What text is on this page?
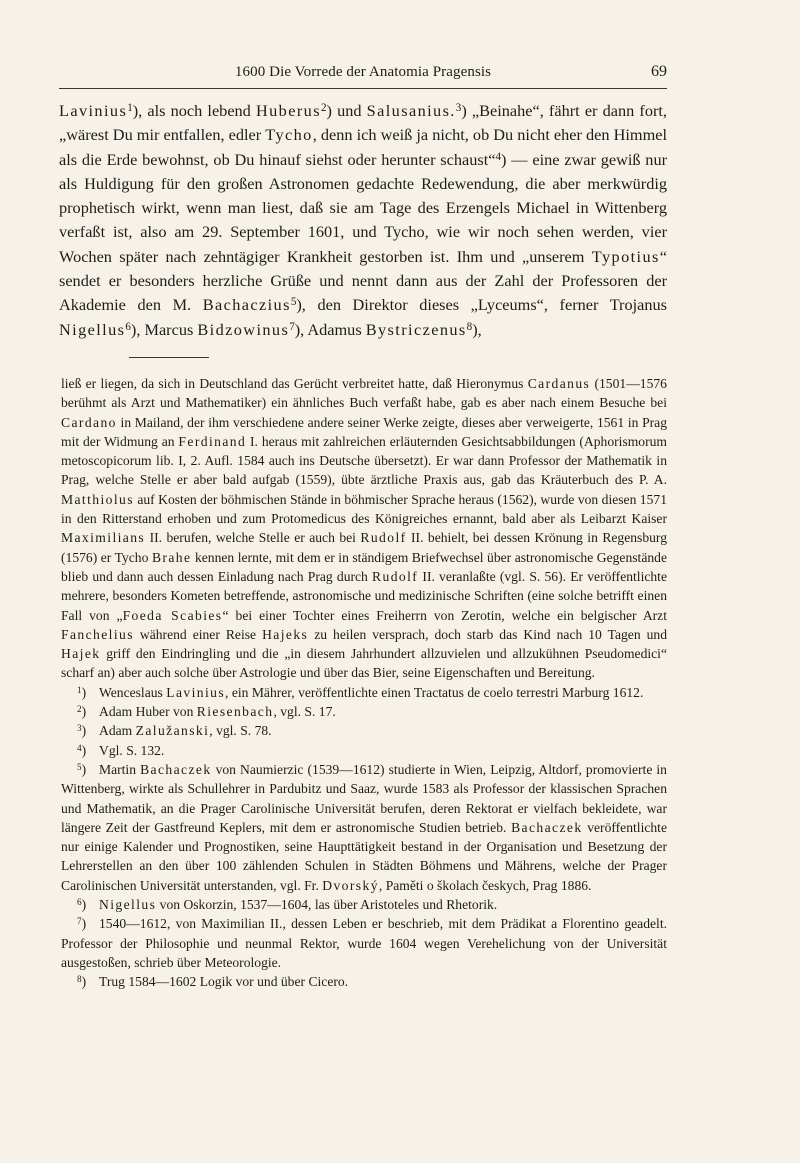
1600 Die Vorrede der Anatomia Pragensis	69

Lavinius$^1$), als noch lebend Huberus$^2$) und Salusanius.$^3$) „Beinahe“, fährt er dann fort, „wärest Du mir entfallen, edler Tycho, denn ich weiß ja nicht, ob Du nicht eher den Himmel als die Erde bewohnst, ob Du hinauf siehst oder herunter schaust“$^4$) — eine zwar gewiß nur als Huldigung für den großen Astronomen gedachte Redewendung, die aber merkwürdig prophetisch wirkt, wenn man liest, daß sie am Tage des Erzengels Michael in Wittenberg verfaßt ist, also am 29. September 1601, und Tycho, wie wir noch sehen werden, vier Wochen später nach zehntägiger Krankheit gestorben ist. Ihm und „unserem Typotius“ sendet er besonders herzliche Grüße und nennt dann aus der Zahl der Professoren der Akademie den M. Bachaczius$^5$), den Direktor dieses „Lyceums“, ferner Trojanus Nigellus$^6$), Marcus Bidzowinus$^7$), Adamus Bystriczenus$^8$),

ließ er liegen, da sich in Deutschland das Gerücht verbreitet hatte, daß Hieronymus Cardanus (1501—1576 berühmt als Arzt und Mathematiker) ein ähnliches Buch verfaßt habe, gab es aber nach einem Besuche bei Cardano in Mailand, der ihm verschiedene andere seiner Werke zeigte, dieses aber verweigerte, 1561 in Prag mit der Widmung an Ferdinand I. heraus mit zahlreichen erläuternden Gesichtsabbildungen (Aphorismorum metoscopicorum lib. I, 2. Aufl. 1584 auch ins Deutsche übersetzt). Er war dann Professor der Mathematik in Prag, welche Stelle er aber bald aufgab (1559), übte ärztliche Praxis aus, gab das Kräuterbuch des P. A. Matthiolus auf Kosten der böhmischen Stände in böhmischer Sprache heraus (1562), wurde von diesen 1571 in den Ritterstand erhoben und zum Protomedicus des Königreiches ernannt, bald aber als Leibarzt Kaiser Maximilians II. berufen, welche Stelle er auch bei Rudolf II. behielt, bei dessen Krönung in Regensburg (1576) er Tycho Brahe kennen lernte, mit dem er in ständigem Briefwechsel über astronomische Gegenstände blieb und dann auch dessen Einladung nach Prag durch Rudolf II. veranlaßte (vgl. S. 56). Er veröffentlichte mehrere, besonders Kometen betreffende, astronomische und medizinische Schriften (eine solche betrifft einen Fall von „Foeda Scabies“ bei einer Tochter eines Freiherrn von Zerotin, welche ein belgischer Arzt Fanchelius während einer Reise Hajeks zu heilen versprach, doch starb das Kind nach 10 Tagen und Hajek griff den Eindringling und die „in diesem Jahrhundert allzuvielen und allzukühnen Pseudomedici“ scharf an) aber auch solche über Astrologie und über das Bier, seine Eigenschaften und Bereitung.

$^1$) Wenceslaus Lavinius, ein Mährer, veröffentlichte einen Tractatus de coelo terrestri Marburg 1612.

$^2$) Adam Huber von Riesenbach, vgl. S. 17.

$^3$) Adam Zalužanski, vgl. S. 78.

$^4$) Vgl. S. 132.

$^5$) Martin Bachaczek von Naumierzic (1539—1612) studierte in Wien, Leipzig, Altdorf, promovierte in Wittenberg, wirkte als Schullehrer in Pardubitz und Saaz, wurde 1583 als Professor der klassischen Sprachen und Mathematik, an die Prager Carolinische Universität berufen, deren Rektorat er vielfach bekleidete, war längere Zeit der Gastfreund Keplers, mit dem er astronomische Studien betrieb. Bachaczek veröffentlichte nur einige Kalender und Prognostiken, seine Haupttätigkeit bestand in der Organisation und Besetzung der Lehrerstellen an den über 100 zählenden Schulen in Städten Böhmens und Mährens, welche der Prager Carolinischen Universität unterstanden, vgl. Fr. Dvorský, Paměti o školach českych, Prag 1886.

$^6$) Nigellus von Oskorzin, 1537—1604, las über Aristoteles und Rhetorik.

$^7$) 1540—1612, von Maximilian II., dessen Leben er beschrieb, mit dem Prädikat a Florentino geadelt. Professor der Philosophie und neunmal Rektor, wurde 1604 wegen Verehelichung von der Universität ausgestoßen, schrieb über Meteorologie.

$^8$) Trug 1584—1602 Logik vor und über Cicero.
